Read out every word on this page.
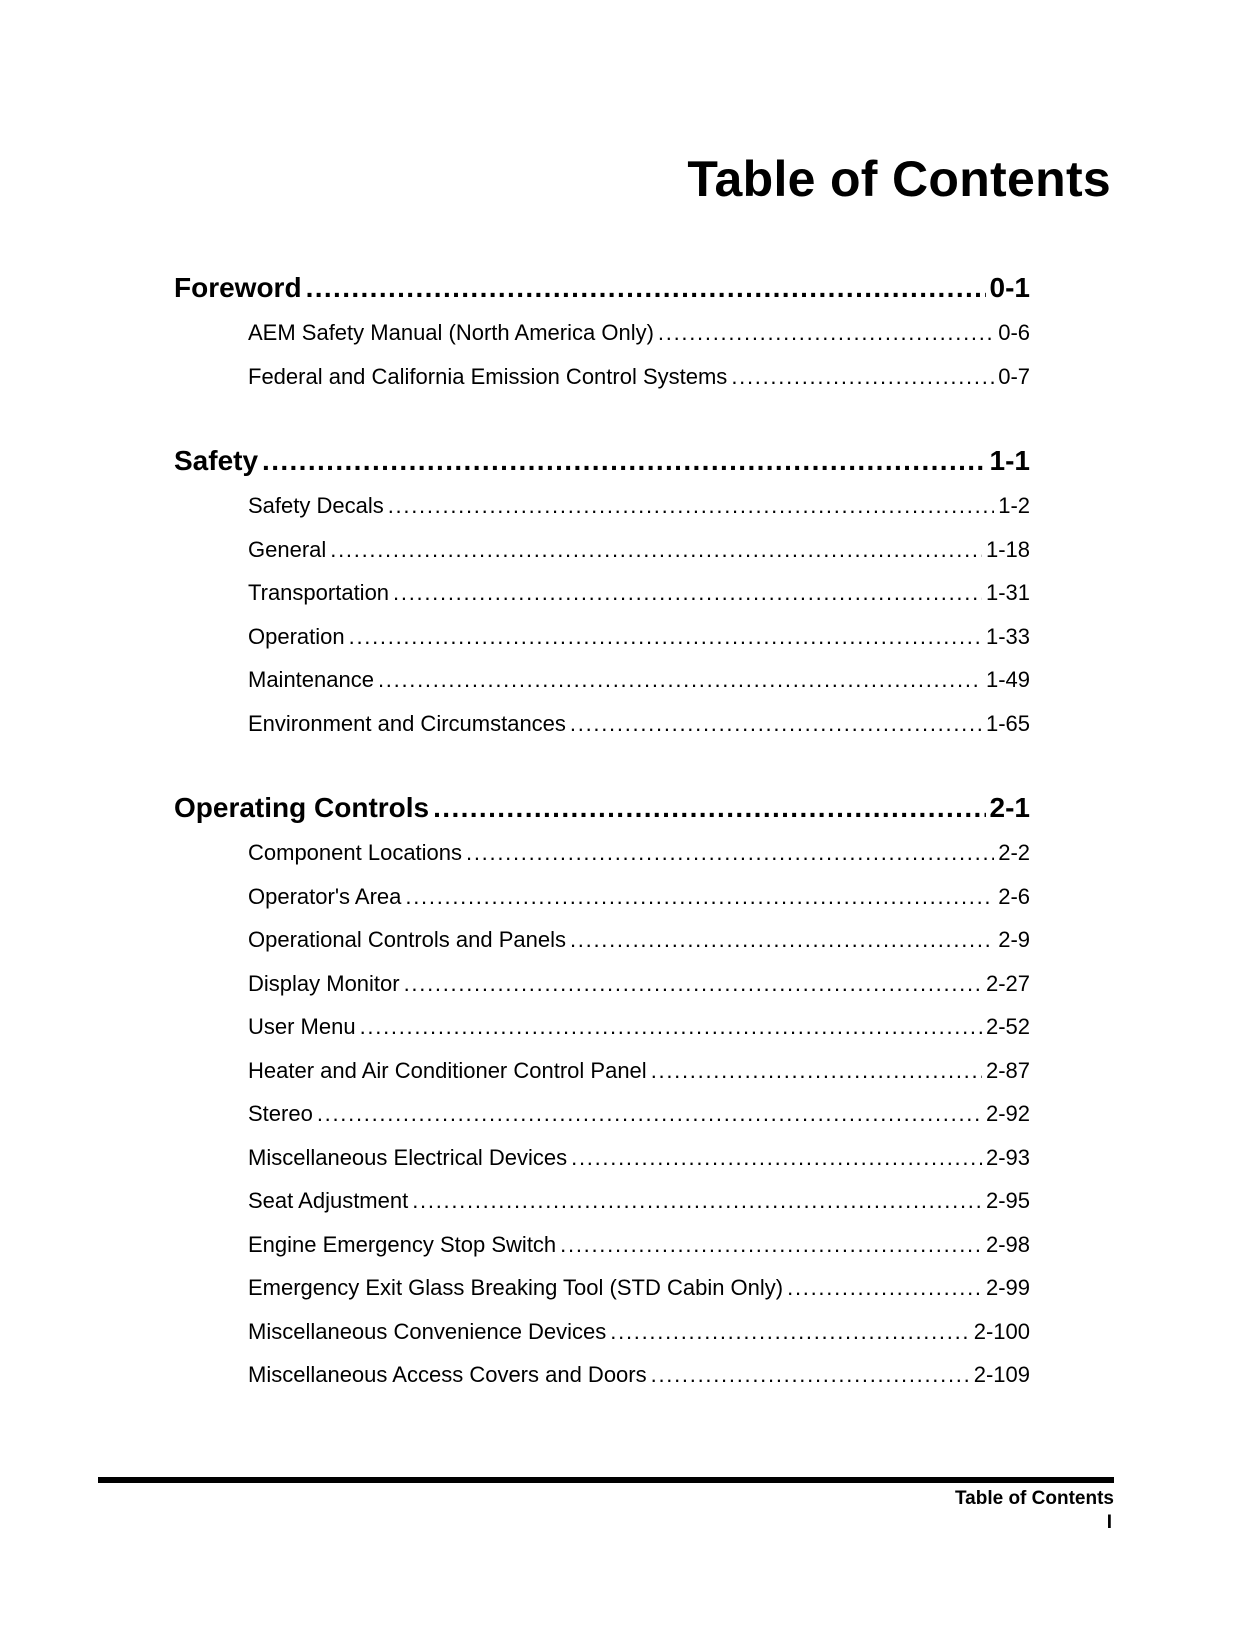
Table of Contents
Foreword . . .	0-1
AEM Safety Manual (North America Only) . . .	0-6
Federal and California Emission Control Systems . . .	0-7
Safety . . .	1-1
Safety Decals . . .	1-2
General . . .	1-18
Transportation . . .	1-31
Operation . . .	1-33
Maintenance . . .	1-49
Environment and Circumstances . . .	1-65
Operating Controls . . .	2-1
Component Locations . . .	2-2
Operator's Area . . .	2-6
Operational Controls and Panels . . .	2-9
Display Monitor . . .	2-27
User Menu . . .	2-52
Heater and Air Conditioner Control Panel . . .	2-87
Stereo . . .	2-92
Miscellaneous Electrical Devices . . .	2-93
Seat Adjustment . . .	2-95
Engine Emergency Stop Switch . . .	2-98
Emergency Exit Glass Breaking Tool (STD Cabin Only) . . .	2-99
Miscellaneous Convenience Devices . . .	2-100
Miscellaneous Access Covers and Doors . . .	2-109
Table of Contents
I
